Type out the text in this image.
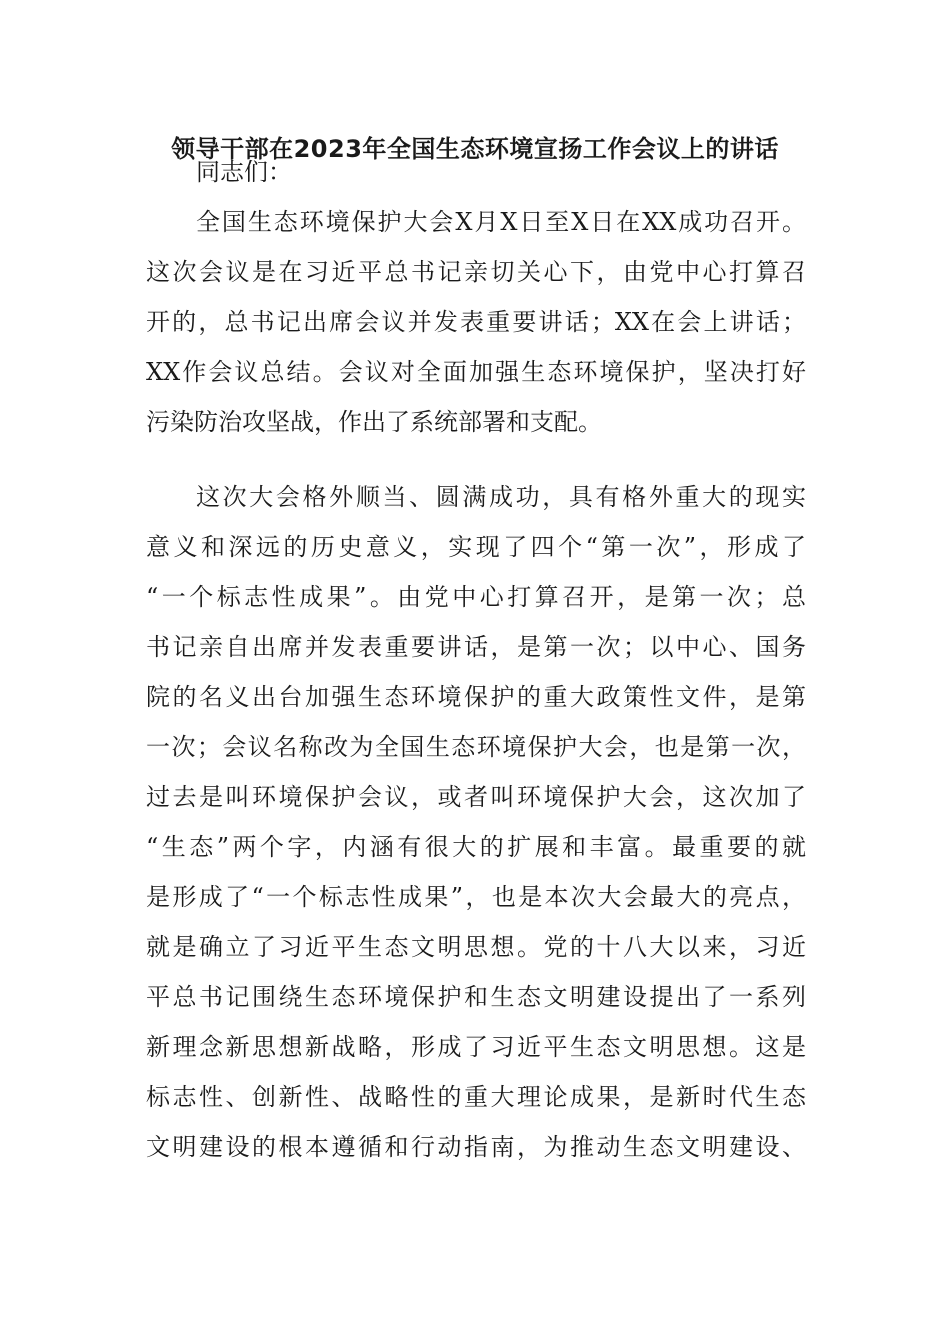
领导干部在2023年全国生态环境宣扬工作会议上的讲话
同志们：
全国生态环境保护大会X月X日至X日在XX成功召开。
这次会议是在习近平总书记亲切关心下，由党中心打算召
开的，总书记出席会议并发表重要讲话；XX在会上讲话；
XX作会议总结。会议对全面加强生态环境保护，坚决打好
污染防治攻坚战，作出了系统部署和支配。
这次大会格外顺当、圆满成功，具有格外重大的现实
意义和深远的历史意义，实现了四个“第一次”，形成了
“一个标志性成果”。由党中心打算召开，是第一次；总
书记亲自出席并发表重要讲话，是第一次；以中心、国务
院的名义出台加强生态环境保护的重大政策性文件，是第
一次；会议名称改为全国生态环境保护大会，也是第一次，
过去是叫环境保护会议，或者叫环境保护大会，这次加了
“生态”两个字，内涵有很大的扩展和丰富。最重要的就
是形成了“一个标志性成果”，也是本次大会最大的亮点，
就是确立了习近平生态文明思想。党的十八大以来，习近
平总书记围绕生态环境保护和生态文明建设提出了一系列
新理念新思想新战略，形成了习近平生态文明思想。这是
标志性、创新性、战略性的重大理论成果，是新时代生态
文明建设的根本遵循和行动指南，为推动生态文明建设、
